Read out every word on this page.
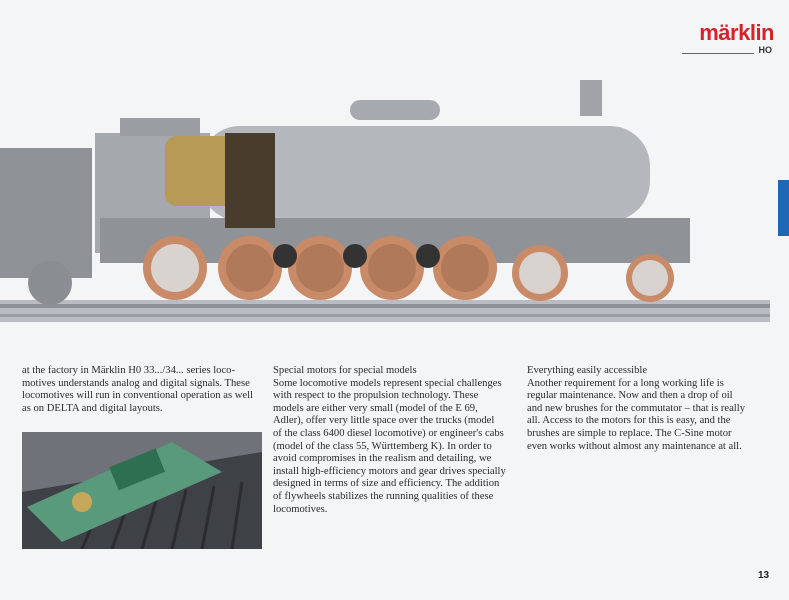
märklin
HO
at the factory in Märklin H0 33.../34... series loco-
motives understands analog and digital signals. These
locomotives will run in conventional operation as well
as on DELTA and digital layouts.
Special motors for special models
Some locomotive models represent special challenges
with respect to the propulsion technology. These
models are either very small (model of the E 69,
Adler), offer very little space over the trucks (model
of the class 6400 diesel locomotive) or engineer's cabs
(model of the class 55, Württemberg K). In order to
avoid compromises in the realism and detailing, we
install high-efficiency motors and gear drives specially
designed in terms of size and efficiency. The addition
of flywheels stabilizes the running qualities of these
locomotives.
Everything easily accessible
Another requirement for a long working life is
regular maintenance. Now and then a drop of oil
and new brushes for the commutator – that is really
all. Access to the motors for this is easy, and the
brushes are simple to replace. The C-Sine motor
even works without almost any maintenance at all.
13
